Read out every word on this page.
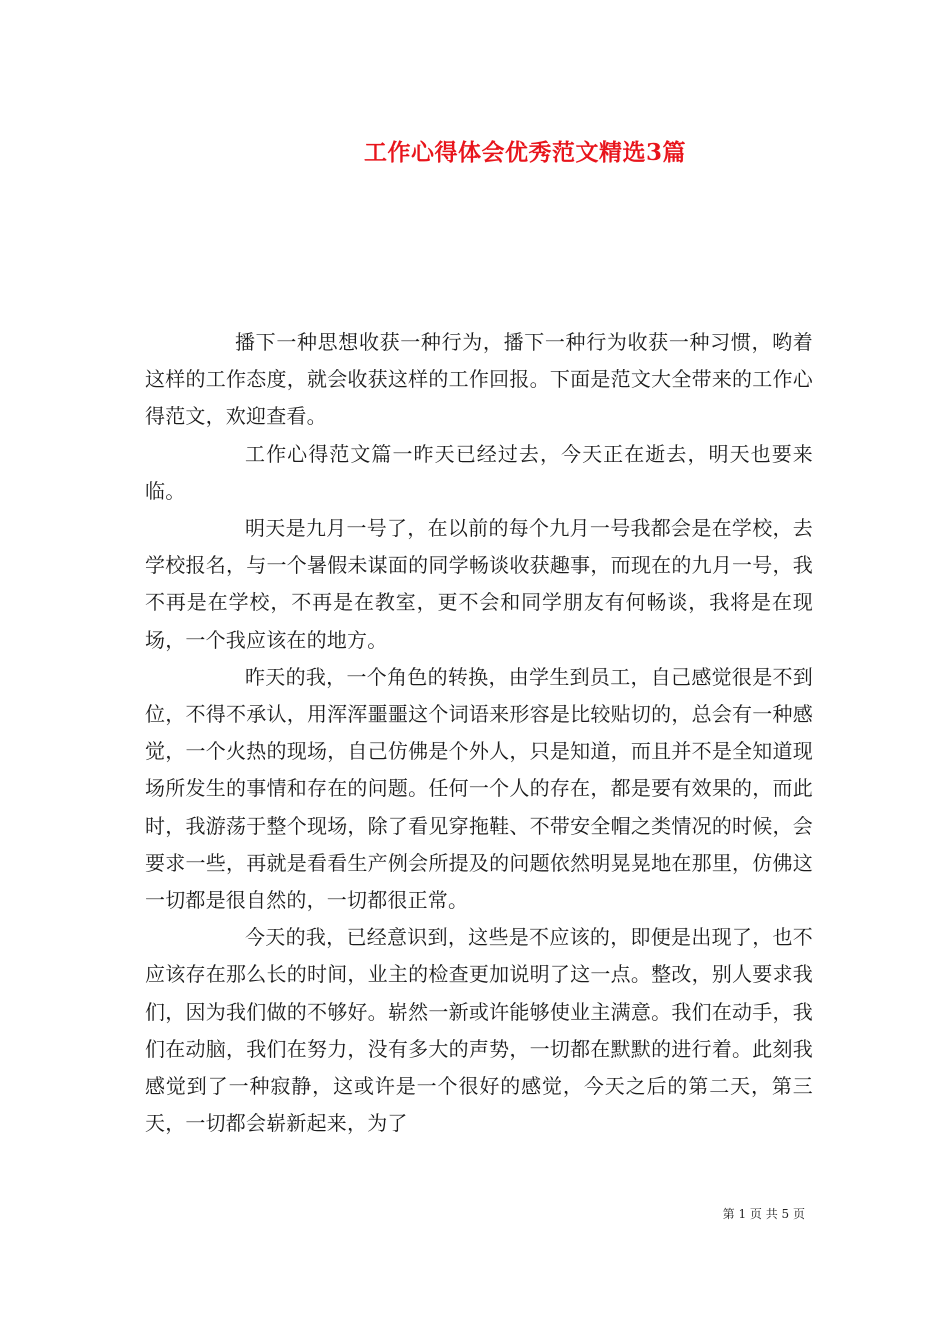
工作心得体会优秀范文精选3篇

播下一种思想收获一种行为，播下一种行为收获一种习惯，哟着这样的工作态度，就会收获这样的工作回报。下面是范文大全带来的工作心得范文，欢迎查看。

工作心得范文篇一昨天已经过去，今天正在逝去，明天也要来临。

明天是九月一号了，在以前的每个九月一号我都会是在学校，去学校报名，与一个暑假未谋面的同学畅谈收获趣事，而现在的九月一号，我不再是在学校，不再是在教室，更不会和同学朋友有何畅谈，我将是在现场，一个我应该在的地方。

昨天的我，一个角色的转换，由学生到员工，自己感觉很是不到位，不得不承认，用浑浑噩噩这个词语来形容是比较贴切的，总会有一种感觉，一个火热的现场，自己仿佛是个外人，只是知道，而且并不是全知道现场所发生的事情和存在的问题。任何一个人的存在，都是要有效果的，而此时，我游荡于整个现场，除了看见穿拖鞋、不带安全帽之类情况的时候，会要求一些，再就是看看生产例会所提及的问题依然明晃晃地在那里，仿佛这一切都是很自然的，一切都很正常。

今天的我，已经意识到，这些是不应该的，即便是出现了，也不应该存在那么长的时间，业主的检查更加说明了这一点。整改，别人要求我们，因为我们做的不够好。崭然一新或许能够使业主满意。我们在动手，我们在动脑，我们在努力，没有多大的声势，一切都在默默的进行着。此刻我感觉到了一种寂静，这或许是一个很好的感觉，今天之后的第二天，第三天，一切都会崭新起来，为了

第 1 页 共 5 页
